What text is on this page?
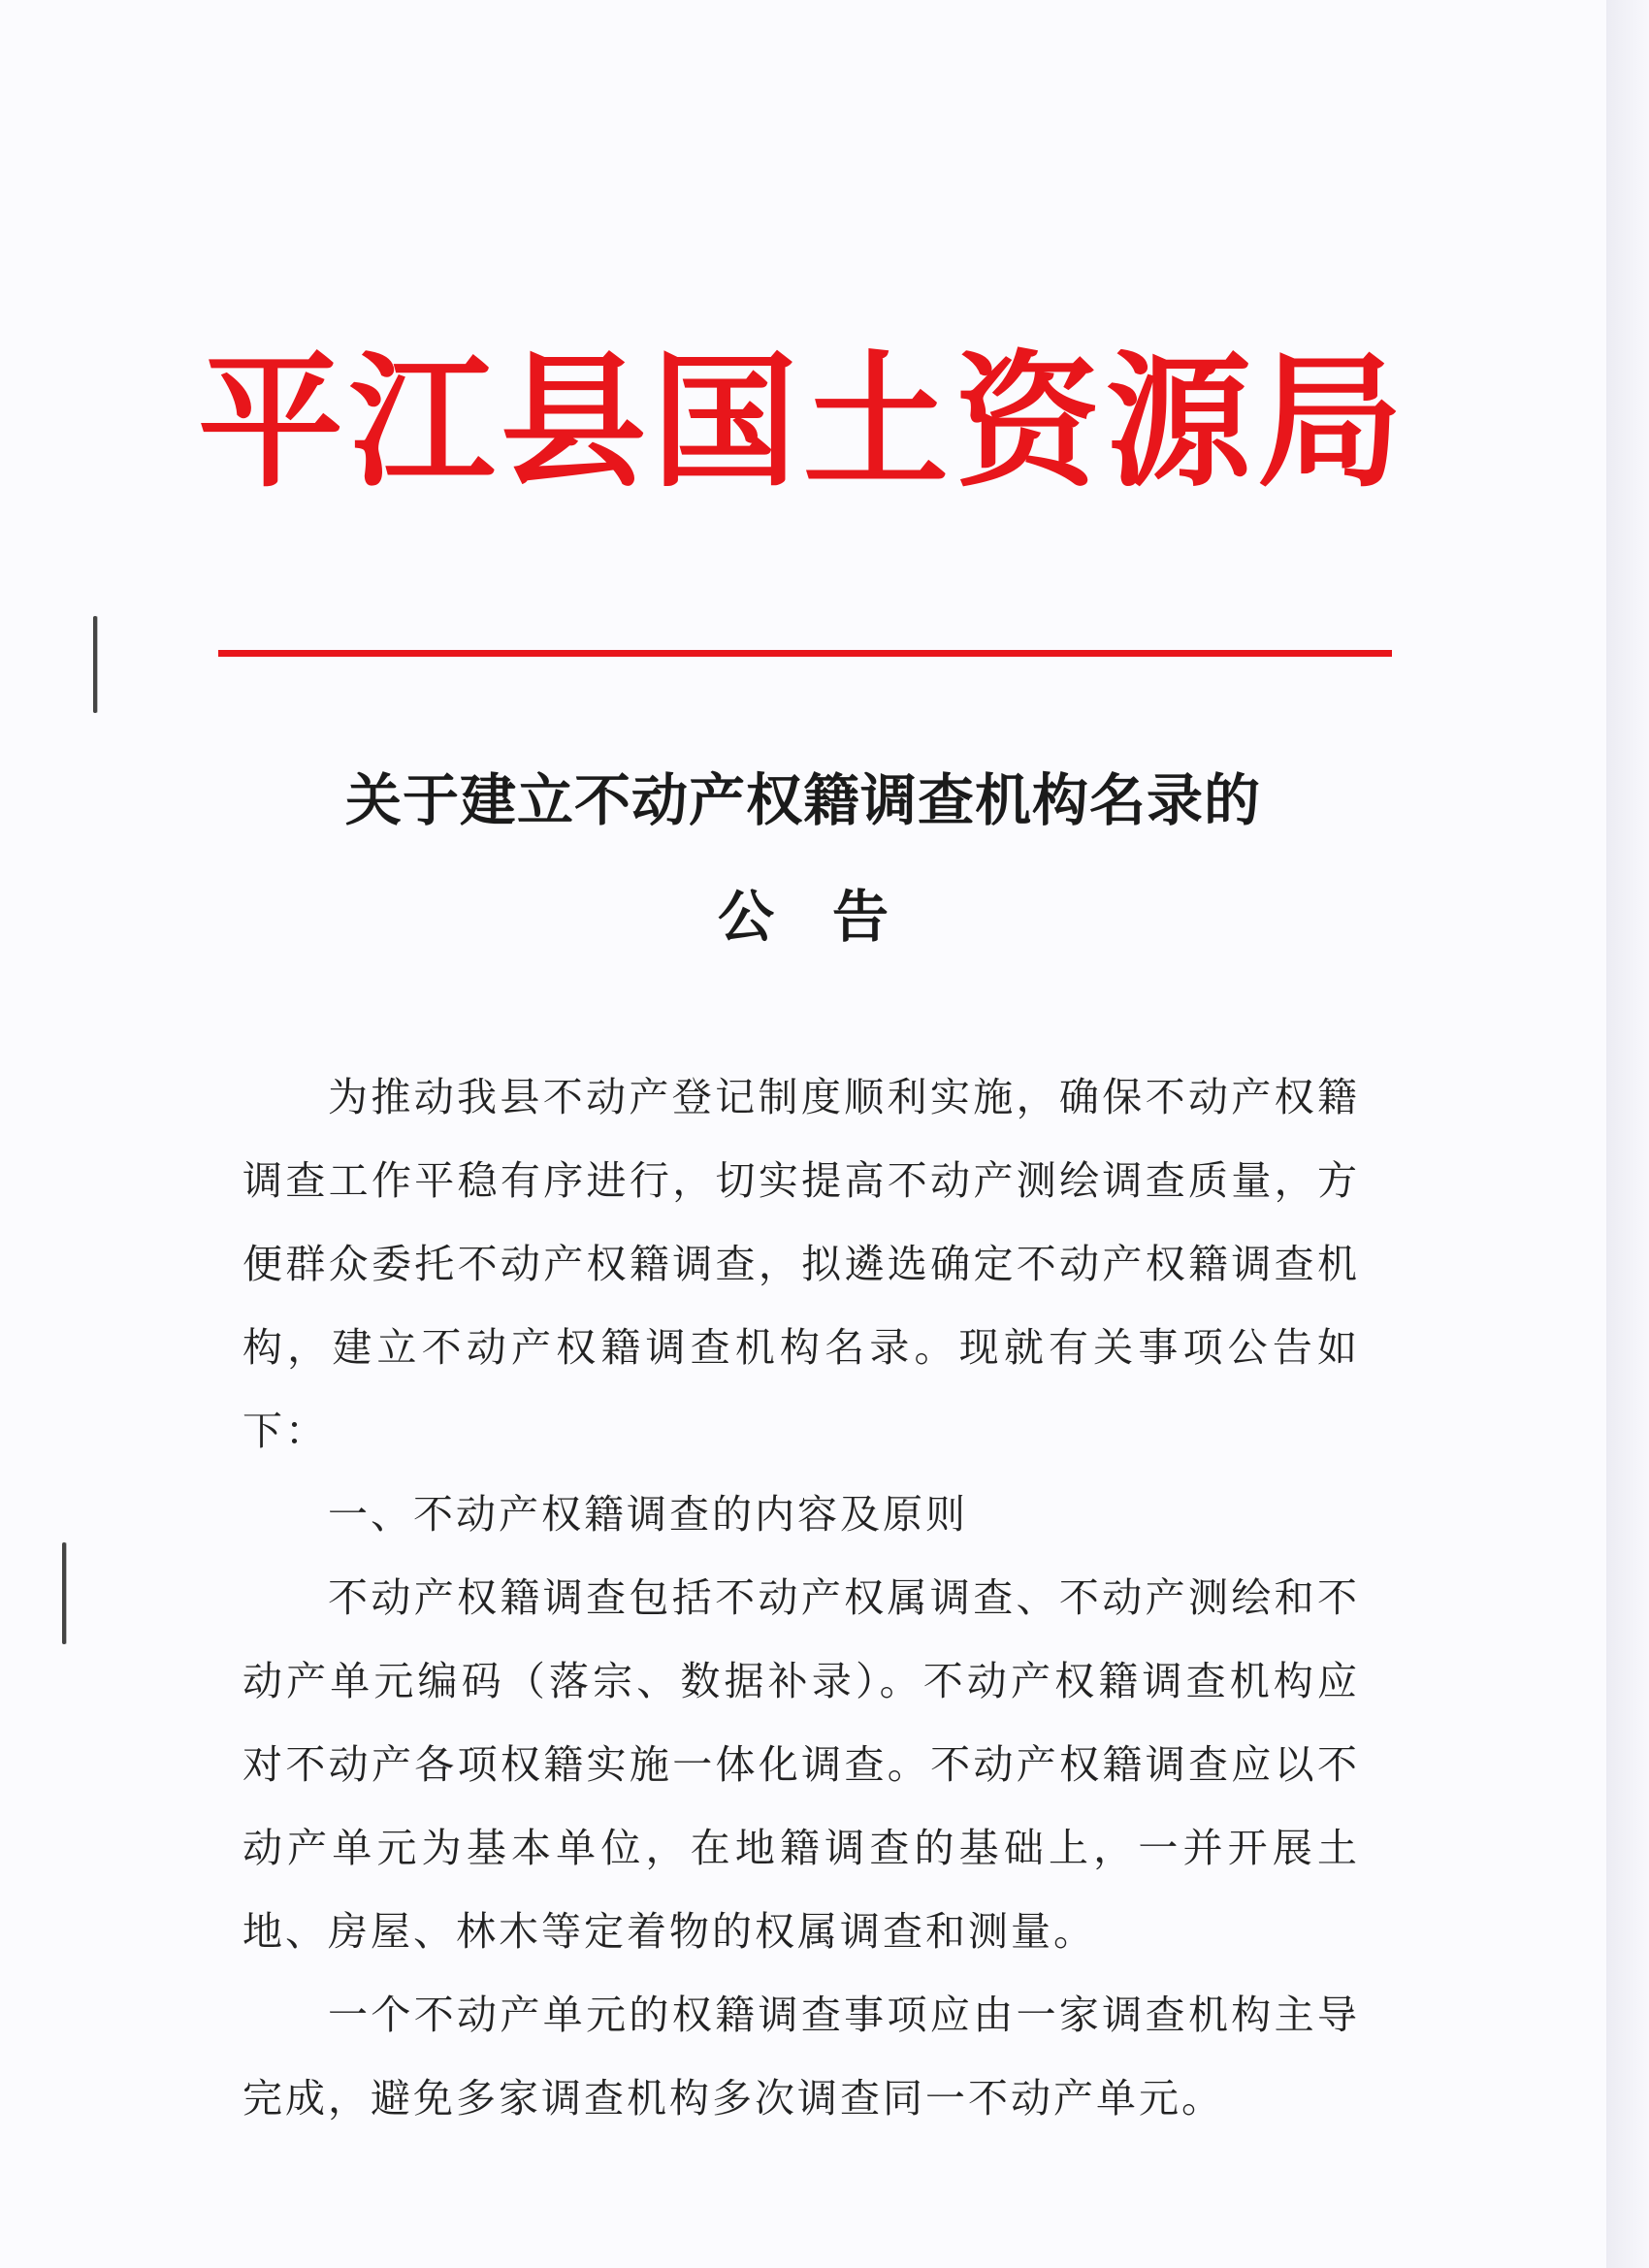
平江县国土资源局
关于建立不动产权籍调查机构名录的
公告

为推动我县不动产登记制度顺利实施，确保不动产权籍调查工作平稳有序进行，切实提高不动产测绘调查质量，方便群众委托不动产权籍调查，拟遴选确定不动产权籍调查机构，建立不动产权籍调查机构名录。现就有关事项公告如下：

一、不动产权籍调查的内容及原则

不动产权籍调查包括不动产权属调查、不动产测绘和不动产单元编码（落宗、数据补录）。不动产权籍调查机构应对不动产各项权籍实施一体化调查。不动产权籍调查应以不动产单元为基本单位，在地籍调查的基础上，一并开展土地、房屋、林木等定着物的权属调查和测量。

一个不动产单元的权籍调查事项应由一家调查机构主导完成，避免多家调查机构多次调查同一不动产单元。
